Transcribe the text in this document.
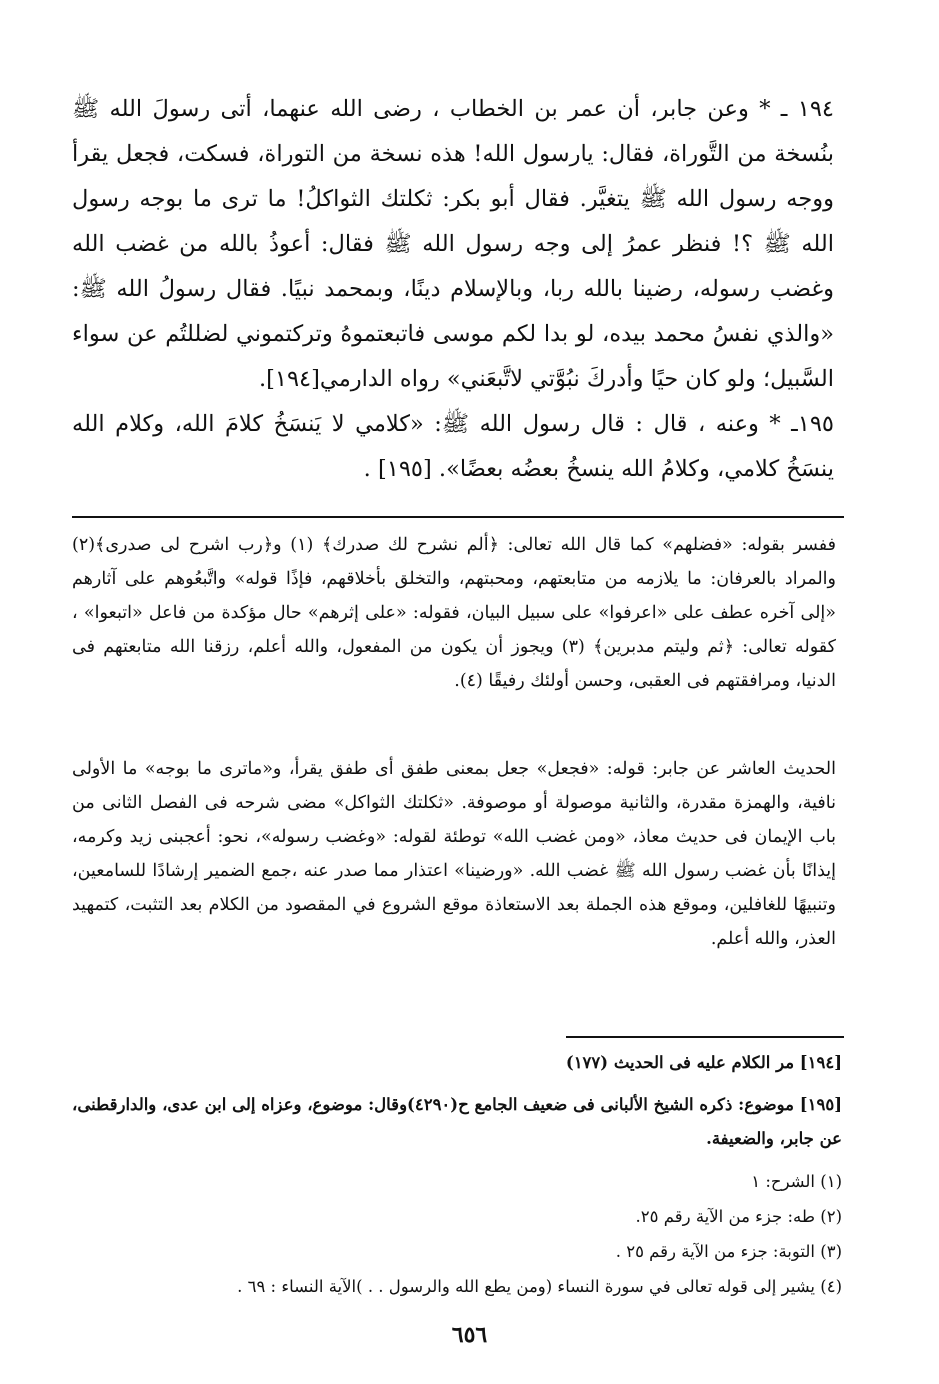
١٩٤ ـ * وعن جابر، أن عمر بن الخطاب ، رضى الله عنهما، أتى رسولَ الله ﷺ بنُسخة من التَّوراة، فقال: يارسول الله! هذه نسخة من التوراة، فسكت، فجعل يقرأ ووجه رسول الله ﷺ يتغيَّر. فقال أبو بكر: ثكلتك الثواكلُ! ما ترى ما بوجه رسول الله ﷺ ؟! فنظر عمرُ إلى وجه رسول الله ﷺ فقال: أعوذُ بالله من غضب الله وغضب رسوله، رضينا بالله ربا، وبالإسلام دينًا، وبمحمد نبيًا. فقال رسولُ الله ﷺ: «والذي نفسُ محمد بيده، لو بدا لكم موسى فاتبعتموهُ وتركتموني لضللتُم عن سواء السَّبيل؛ ولو كان حيًا وأدركَ نبُوَّتي لاتَّبعَني» رواه الدارمي[١٩٤].

١٩٥ـ * وعنه ، قال : قال رسول الله ﷺ: «كلامي لا يَنسَخُ كلامَ الله، وكلام الله ينسَخُ كلامي، وكلامُ الله ينسخُ بعضُه بعضًا». [١٩٥] .

ففسر بقوله: «فضلهم» كما قال الله تعالى: ﴿ألم نشرح لك صدرك﴾ (١) و﴿رب اشرح لى صدرى﴾(٢) والمراد بالعرفان: ما يلازمه من متابعتهم، ومحبتهم، والتخلق بأخلاقهم، فإذًا قوله» واتَّبعُوهم على آثارهم «إلى آخره عطف على «اعرفوا» على سبيل البيان، فقوله: «على إثرهم» حال مؤكدة من فاعل «اتبعوا» ، كقوله تعالى: ﴿ثم وليتم مدبرين﴾ (٣) ويجوز أن يكون من المفعول، والله أعلم، رزقنا الله متابعتهم فى الدنيا، ومرافقتهم فى العقبى، وحسن أولئك رفيقًا (٤).

الحديث العاشر عن جابر: قوله: «فجعل» جعل بمعنى طفق أى طفق يقرأ، و«ماترى ما بوجه» ما الأولى نافية، والهمزة مقدرة، والثانية موصولة أو موصوفة. «ثكلتك الثواكل» مضى شرحه فى الفصل الثانى من باب الإيمان فى حديث معاذ، «ومن غضب الله» توطئة لقوله: «وغضب رسوله»، نحو: أعجبنى زيد وكرمه، إيذانًا بأن غضب رسول الله ﷺ غضب الله. «ورضينا» اعتذار مما صدر عنه ،جمع الضمير إرشادًا للسامعين، وتنبيهًا للغافلين، وموقع هذه الجملة بعد الاستعاذة موقع الشروع في المقصود من الكلام بعد التثبت، كتمهيد العذر، والله أعلم.

[١٩٤] مر الكلام عليه فى الحديث (١٧٧)

[١٩٥] موضوع: ذكره الشيخ الألبانى فى ضعيف الجامع ح(٤٢٩٠)وقال: موضوع، وعزاه إلى ابن عدى، والدارقطنى، عن جابر، والضعيفة.

(١) الشرح: ١

(٢) طه: جزء من الآية رقم ٢٥.

(٣) التوبة: جزء من الآية رقم ٢٥ .

(٤) يشير إلى قوله تعالى في سورة النساء (ومن يطع الله والرسول . . )الآية النساء : ٦٩ .

٦٥٦
